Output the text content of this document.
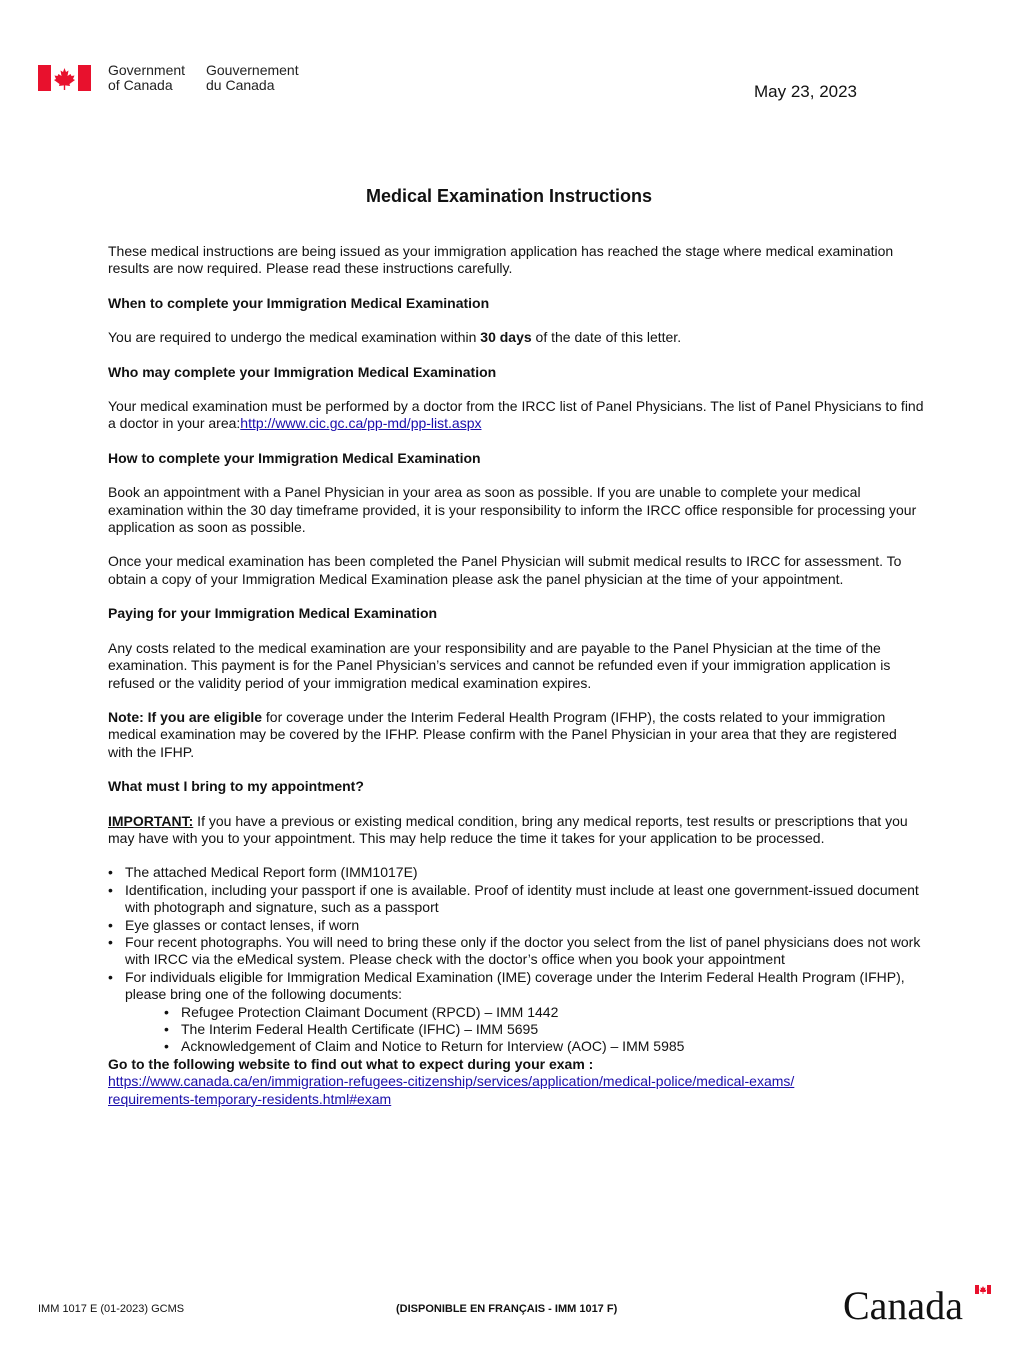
Government
of Canada
Gouvernement
du Canada	May 23, 2023
Medical Examination Instructions

These medical instructions are being issued as your immigration application has reached the stage where medical examination results are now required. Please read these instructions carefully.

When to complete your Immigration Medical Examination

You are required to undergo the medical examination within 30 days of the date of this letter.

Who may complete your Immigration Medical Examination

Your medical examination must be performed by a doctor from the IRCC list of Panel Physicians. The list of Panel Physicians to find a doctor in your area:http://www.cic.gc.ca/pp-md/pp-list.aspx

How to complete your Immigration Medical Examination

Book an appointment with a Panel Physician in your area as soon as possible. If you are unable to complete your medical examination within the 30 day timeframe provided, it is your responsibility to inform the IRCC office responsible for processing your application as soon as possible.

Once your medical examination has been completed the Panel Physician will submit medical results to IRCC for assessment. To obtain a copy of your Immigration Medical Examination please ask the panel physician at the time of your appointment.

Paying for your Immigration Medical Examination

Any costs related to the medical examination are your responsibility and are payable to the Panel Physician at the time of the examination. This payment is for the Panel Physician’s services and cannot be refunded even if your immigration application is refused or the validity period of your immigration medical examination expires.

Note: If you are eligible for coverage under the Interim Federal Health Program (IFHP), the costs related to your immigration medical examination may be covered by the IFHP. Please confirm with the Panel Physician in your area that they are registered with the IFHP.

What must I bring to my appointment?

IMPORTANT: If you have a previous or existing medical condition, bring any medical reports, test results or prescriptions that you may have with you to your appointment. This may help reduce the time it takes for your application to be processed.

• The attached Medical Report form (IMM1017E)
• Identification, including your passport if one is available. Proof of identity must include at least one government-issued document with photograph and signature, such as a passport
• Eye glasses or contact lenses, if worn
• Four recent photographs. You will need to bring these only if the doctor you select from the list of panel physicians does not work with IRCC via the eMedical system. Please check with the doctor’s office when you book your appointment
• For individuals eligible for Immigration Medical Examination (IME) coverage under the Interim Federal Health Program (IFHP), please bring one of the following documents:
• Refugee Protection Claimant Document (RPCD) – IMM 1442
• The Interim Federal Health Certificate (IFHC) – IMM 5695
• Acknowledgement of Claim and Notice to Return for Interview (AOC) – IMM 5985
Go to the following website to find out what to expect during your exam :
https://www.canada.ca/en/immigration-refugees-citizenship/services/application/medical-police/medical-exams/
requirements-temporary-residents.html#exam
IMM 1017 E (01-2023) GCMS	(DISPONIBLE EN FRANÇAIS - IMM 1017 F)	Canada
